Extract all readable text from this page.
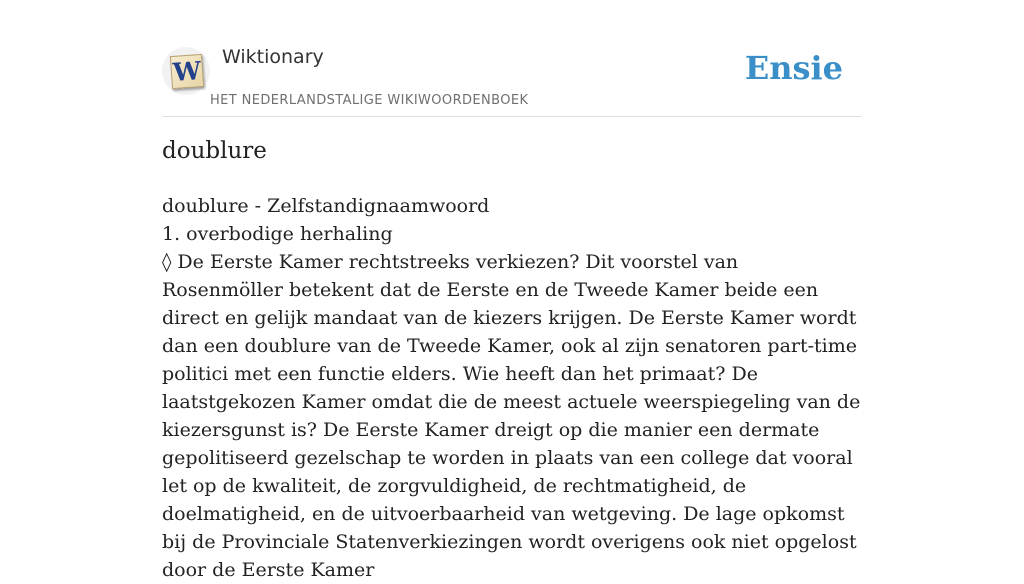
W Wiktionary
HET NEDERLANDSTALIGE WIKIWOORDENBOEK
Ensie
doublure
doublure - Zelfstandignaamwoord
1. overbodige herhaling
◊ De Eerste Kamer rechtstreeks verkiezen? Dit voorstel van Rosenmöller betekent dat de Eerste en de Tweede Kamer beide een direct en gelijk mandaat van de kiezers krijgen. De Eerste Kamer wordt dan een doublure van de Tweede Kamer, ook al zijn senatoren part-time politici met een functie elders. Wie heeft dan het primaat? De laatstgekozen Kamer omdat die de meest actuele weerspiegeling van de kiezersgunst is? De Eerste Kamer dreigt op die manier een dermate gepolitiseerd gezelschap te worden in plaats van een college dat vooral let op de kwaliteit, de zorgvuldigheid, de rechtmatigheid, de doelmatigheid, en de uitvoerbaarheid van wetgeving. De lage opkomst bij de Provinciale Statenverkiezingen wordt overigens ook niet opgelost door de Eerste Kamer
